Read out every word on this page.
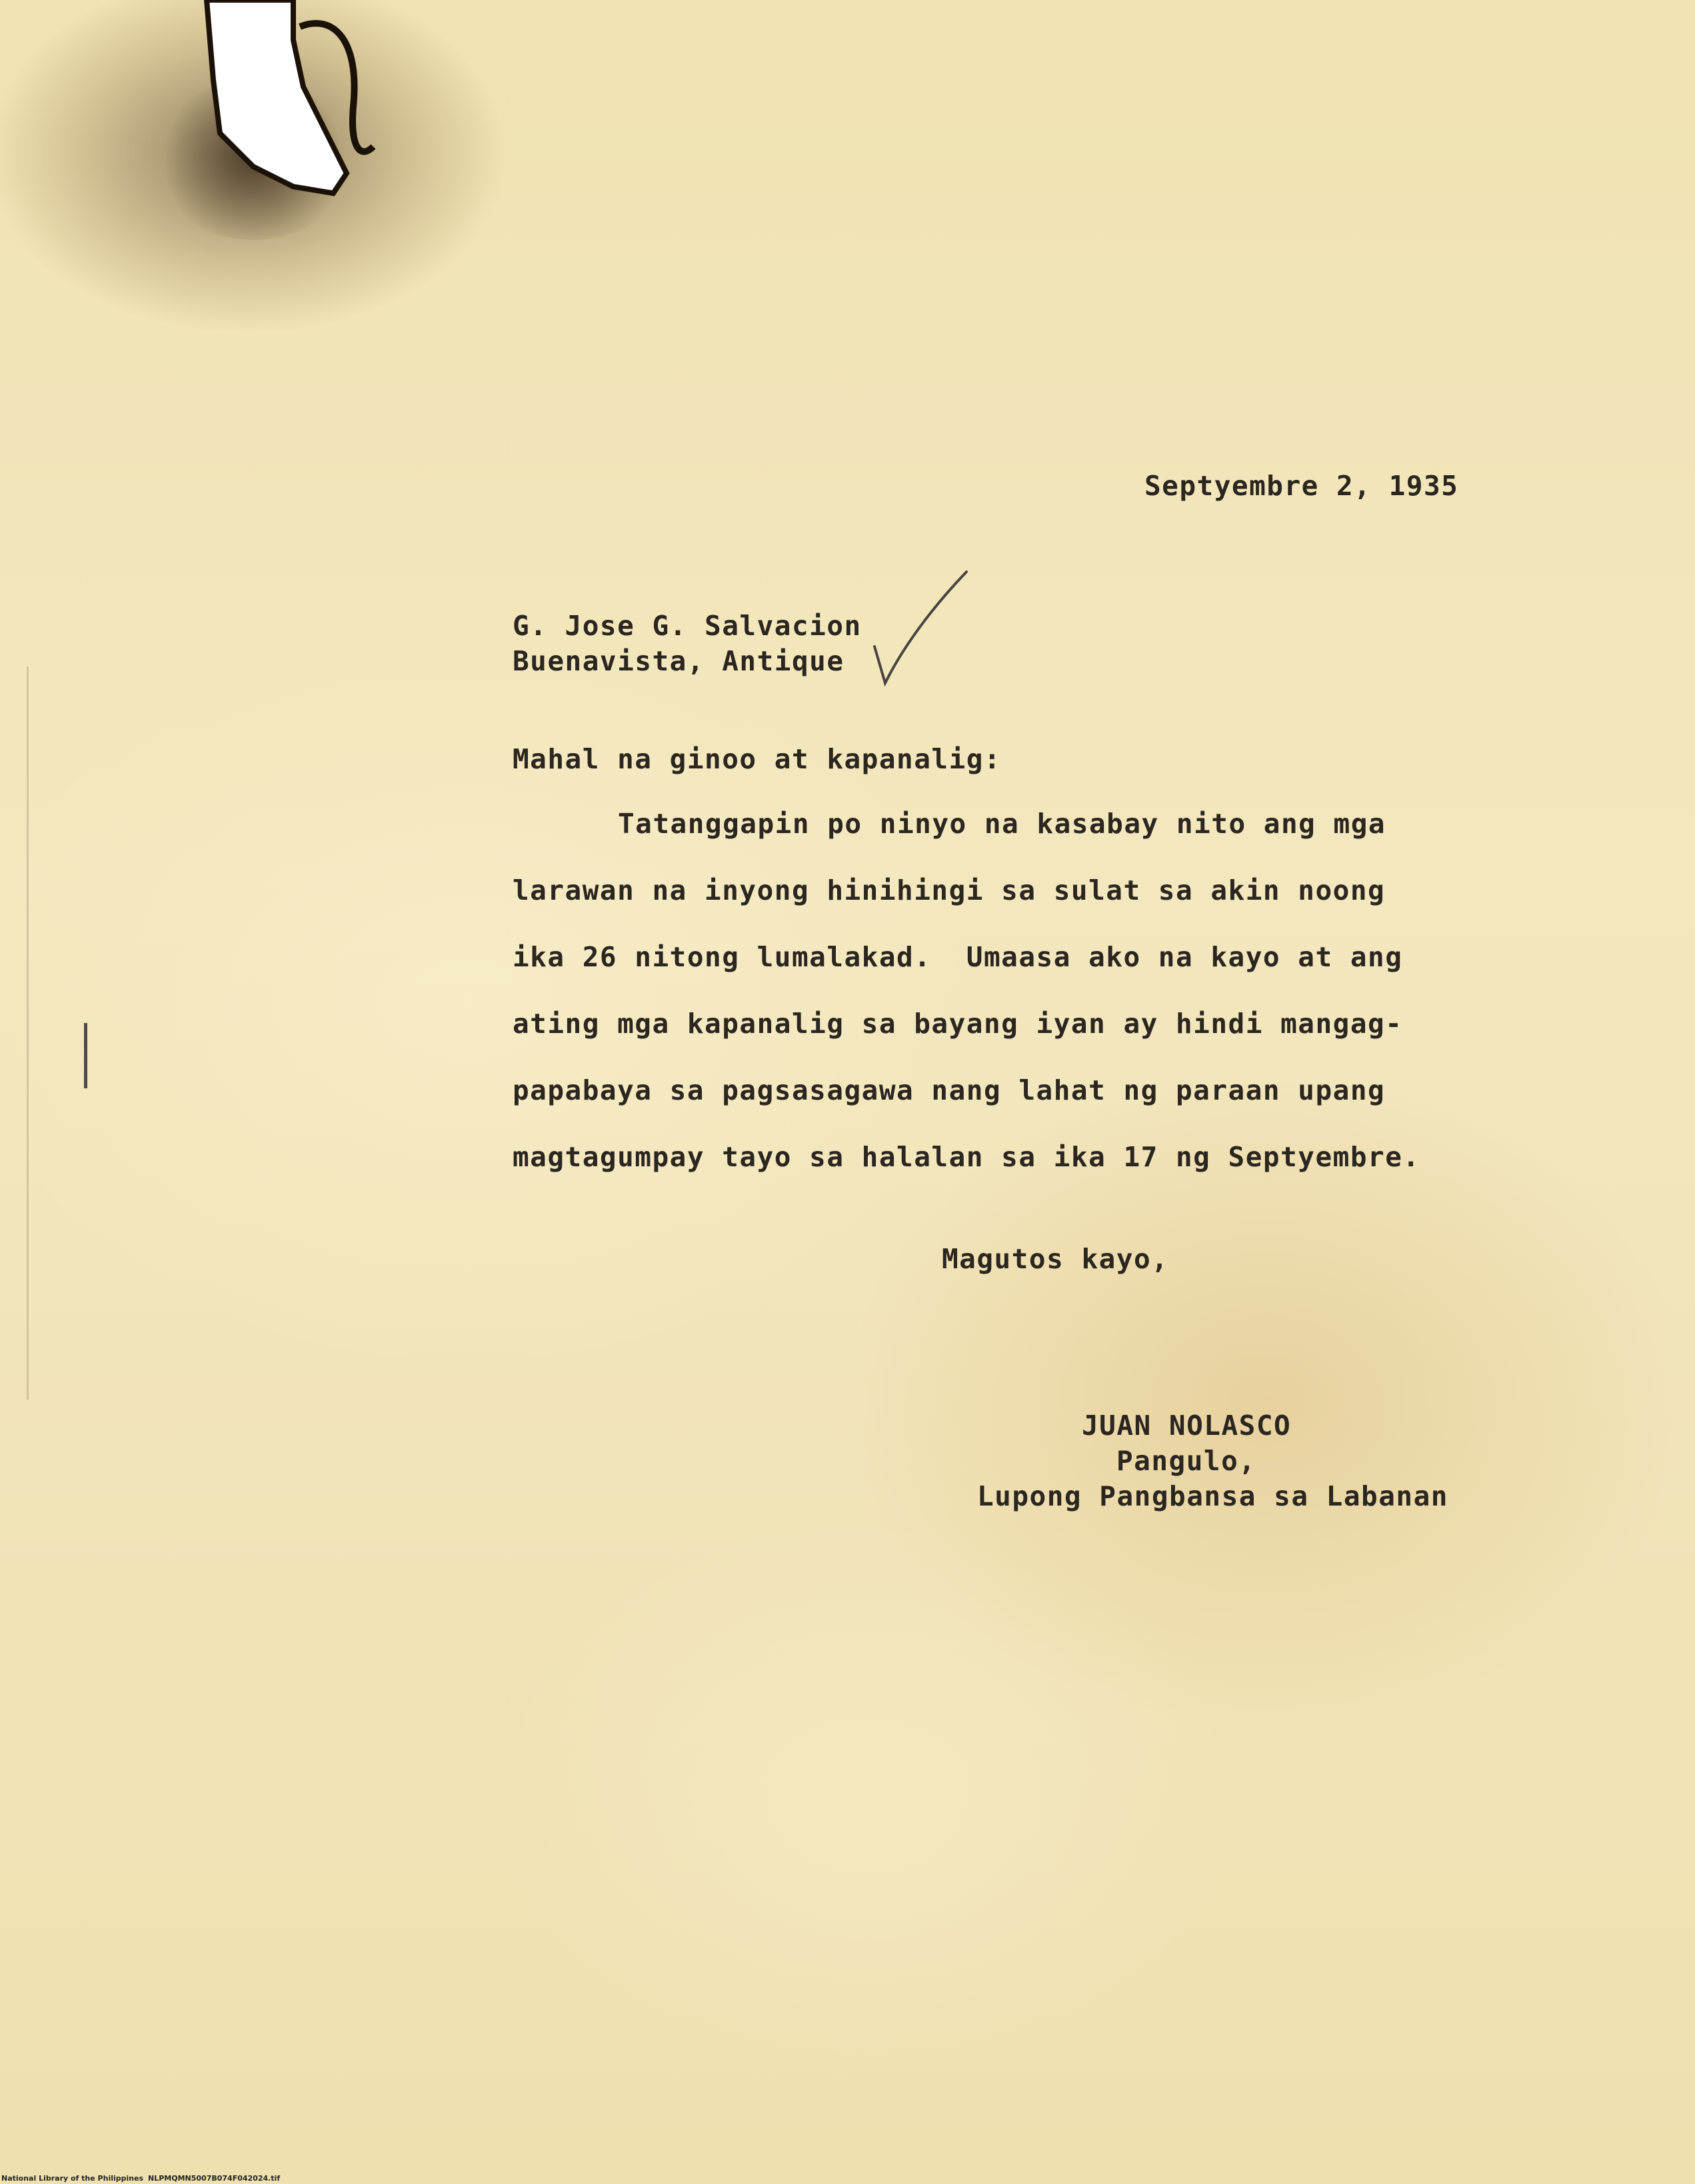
Septyembre 2, 1935
G. Jose G. Salvacion
Buenavista, Antique
Mahal na ginoo at kapanalig:
Tatanggapin po ninyo na kasabay nito ang mga
larawan na inyong hinihingi sa sulat sa akin noong
ika 26 nitong lumalakad.  Umaasa ako na kayo at ang
ating mga kapanalig sa bayang iyan ay hindi mangag-
papabaya sa pagsasagawa nang lahat ng paraan upang
magtagumpay tayo sa halalan sa ika 17 ng Septyembre.
Magutos kayo,
JUAN NOLASCO
Pangulo,
Lupong Pangbansa sa Labanan
National Library of the Philippines NLPMQMN5007B074F042024.tif
